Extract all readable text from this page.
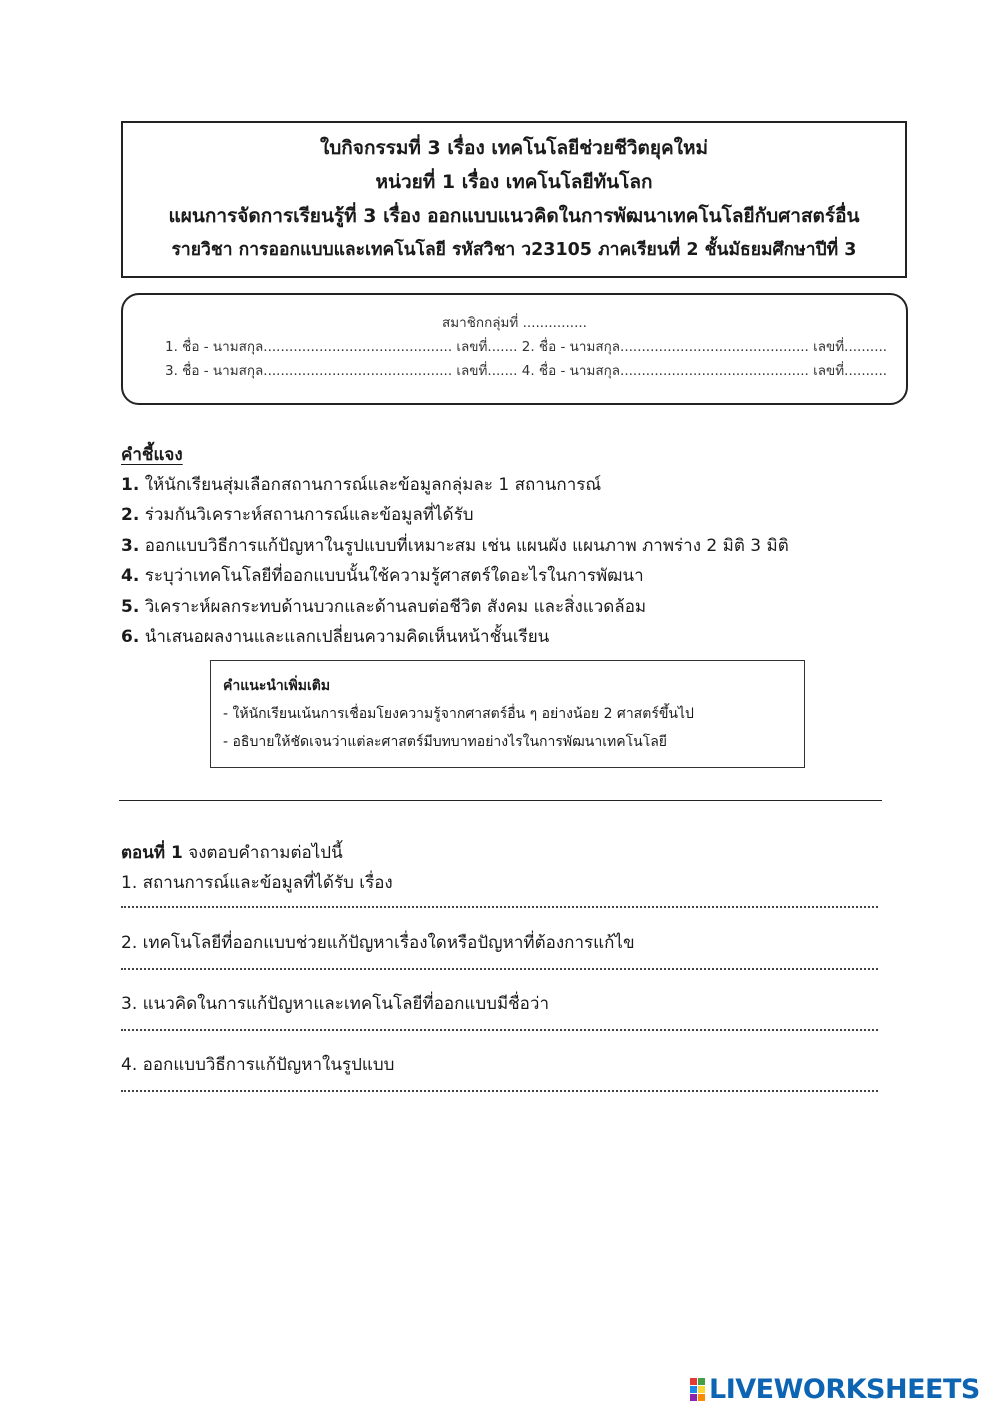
ใบกิจกรรมที่ 3 เรื่อง เทคโนโลยีช่วยชีวิตยุคใหม่
หน่วยที่ 1 เรื่อง เทคโนโลยีทันโลก
แผนการจัดการเรียนรู้ที่ 3 เรื่อง ออกแบบแนวคิดในการพัฒนาเทคโนโลยีกับศาสตร์อื่น
รายวิชา การออกแบบและเทคโนโลยี รหัสวิชา ว23105 ภาคเรียนที่ 2 ชั้นมัธยมศึกษาปีที่ 3
สมาชิกกลุ่มที่ ...............
1. ชื่อ - นามสกุล............................................ เลขที่....... 2. ชื่อ - นามสกุล............................................ เลขที่..........
3. ชื่อ - นามสกุล............................................ เลขที่....... 4. ชื่อ - นามสกุล............................................ เลขที่..........
คำชี้แจง
1. ให้นักเรียนสุ่มเลือกสถานการณ์และข้อมูลกลุ่มละ 1 สถานการณ์
2. ร่วมกันวิเคราะห์สถานการณ์และข้อมูลที่ได้รับ
3. ออกแบบวิธีการแก้ปัญหาในรูปแบบที่เหมาะสม เช่น แผนผัง แผนภาพ ภาพร่าง 2 มิติ 3 มิติ
4. ระบุว่าเทคโนโลยีที่ออกแบบนั้นใช้ความรู้ศาสตร์ใดอะไรในการพัฒนา
5. วิเคราะห์ผลกระทบด้านบวกและด้านลบต่อชีวิต สังคม และสิ่งแวดล้อม
6. นำเสนอผลงานและแลกเปลี่ยนความคิดเห็นหน้าชั้นเรียน
คำแนะนำเพิ่มเติม
- ให้นักเรียนเน้นการเชื่อมโยงความรู้จากศาสตร์อื่น ๆ อย่างน้อย 2 ศาสตร์ขึ้นไป
- อธิบายให้ชัดเจนว่าแต่ละศาสตร์มีบทบาทอย่างไรในการพัฒนาเทคโนโลยี
ตอนที่ 1 จงตอบคำถามต่อไปนี้
1. สถานการณ์และข้อมูลที่ได้รับ เรื่อง
2. เทคโนโลยีที่ออกแบบช่วยแก้ปัญหาเรื่องใดหรือปัญหาที่ต้องการแก้ไข
3. แนวคิดในการแก้ปัญหาและเทคโนโลยีที่ออกแบบมีชื่อว่า
4. ออกแบบวิธีการแก้ปัญหาในรูปแบบ
LIVEWORKSHEETS
